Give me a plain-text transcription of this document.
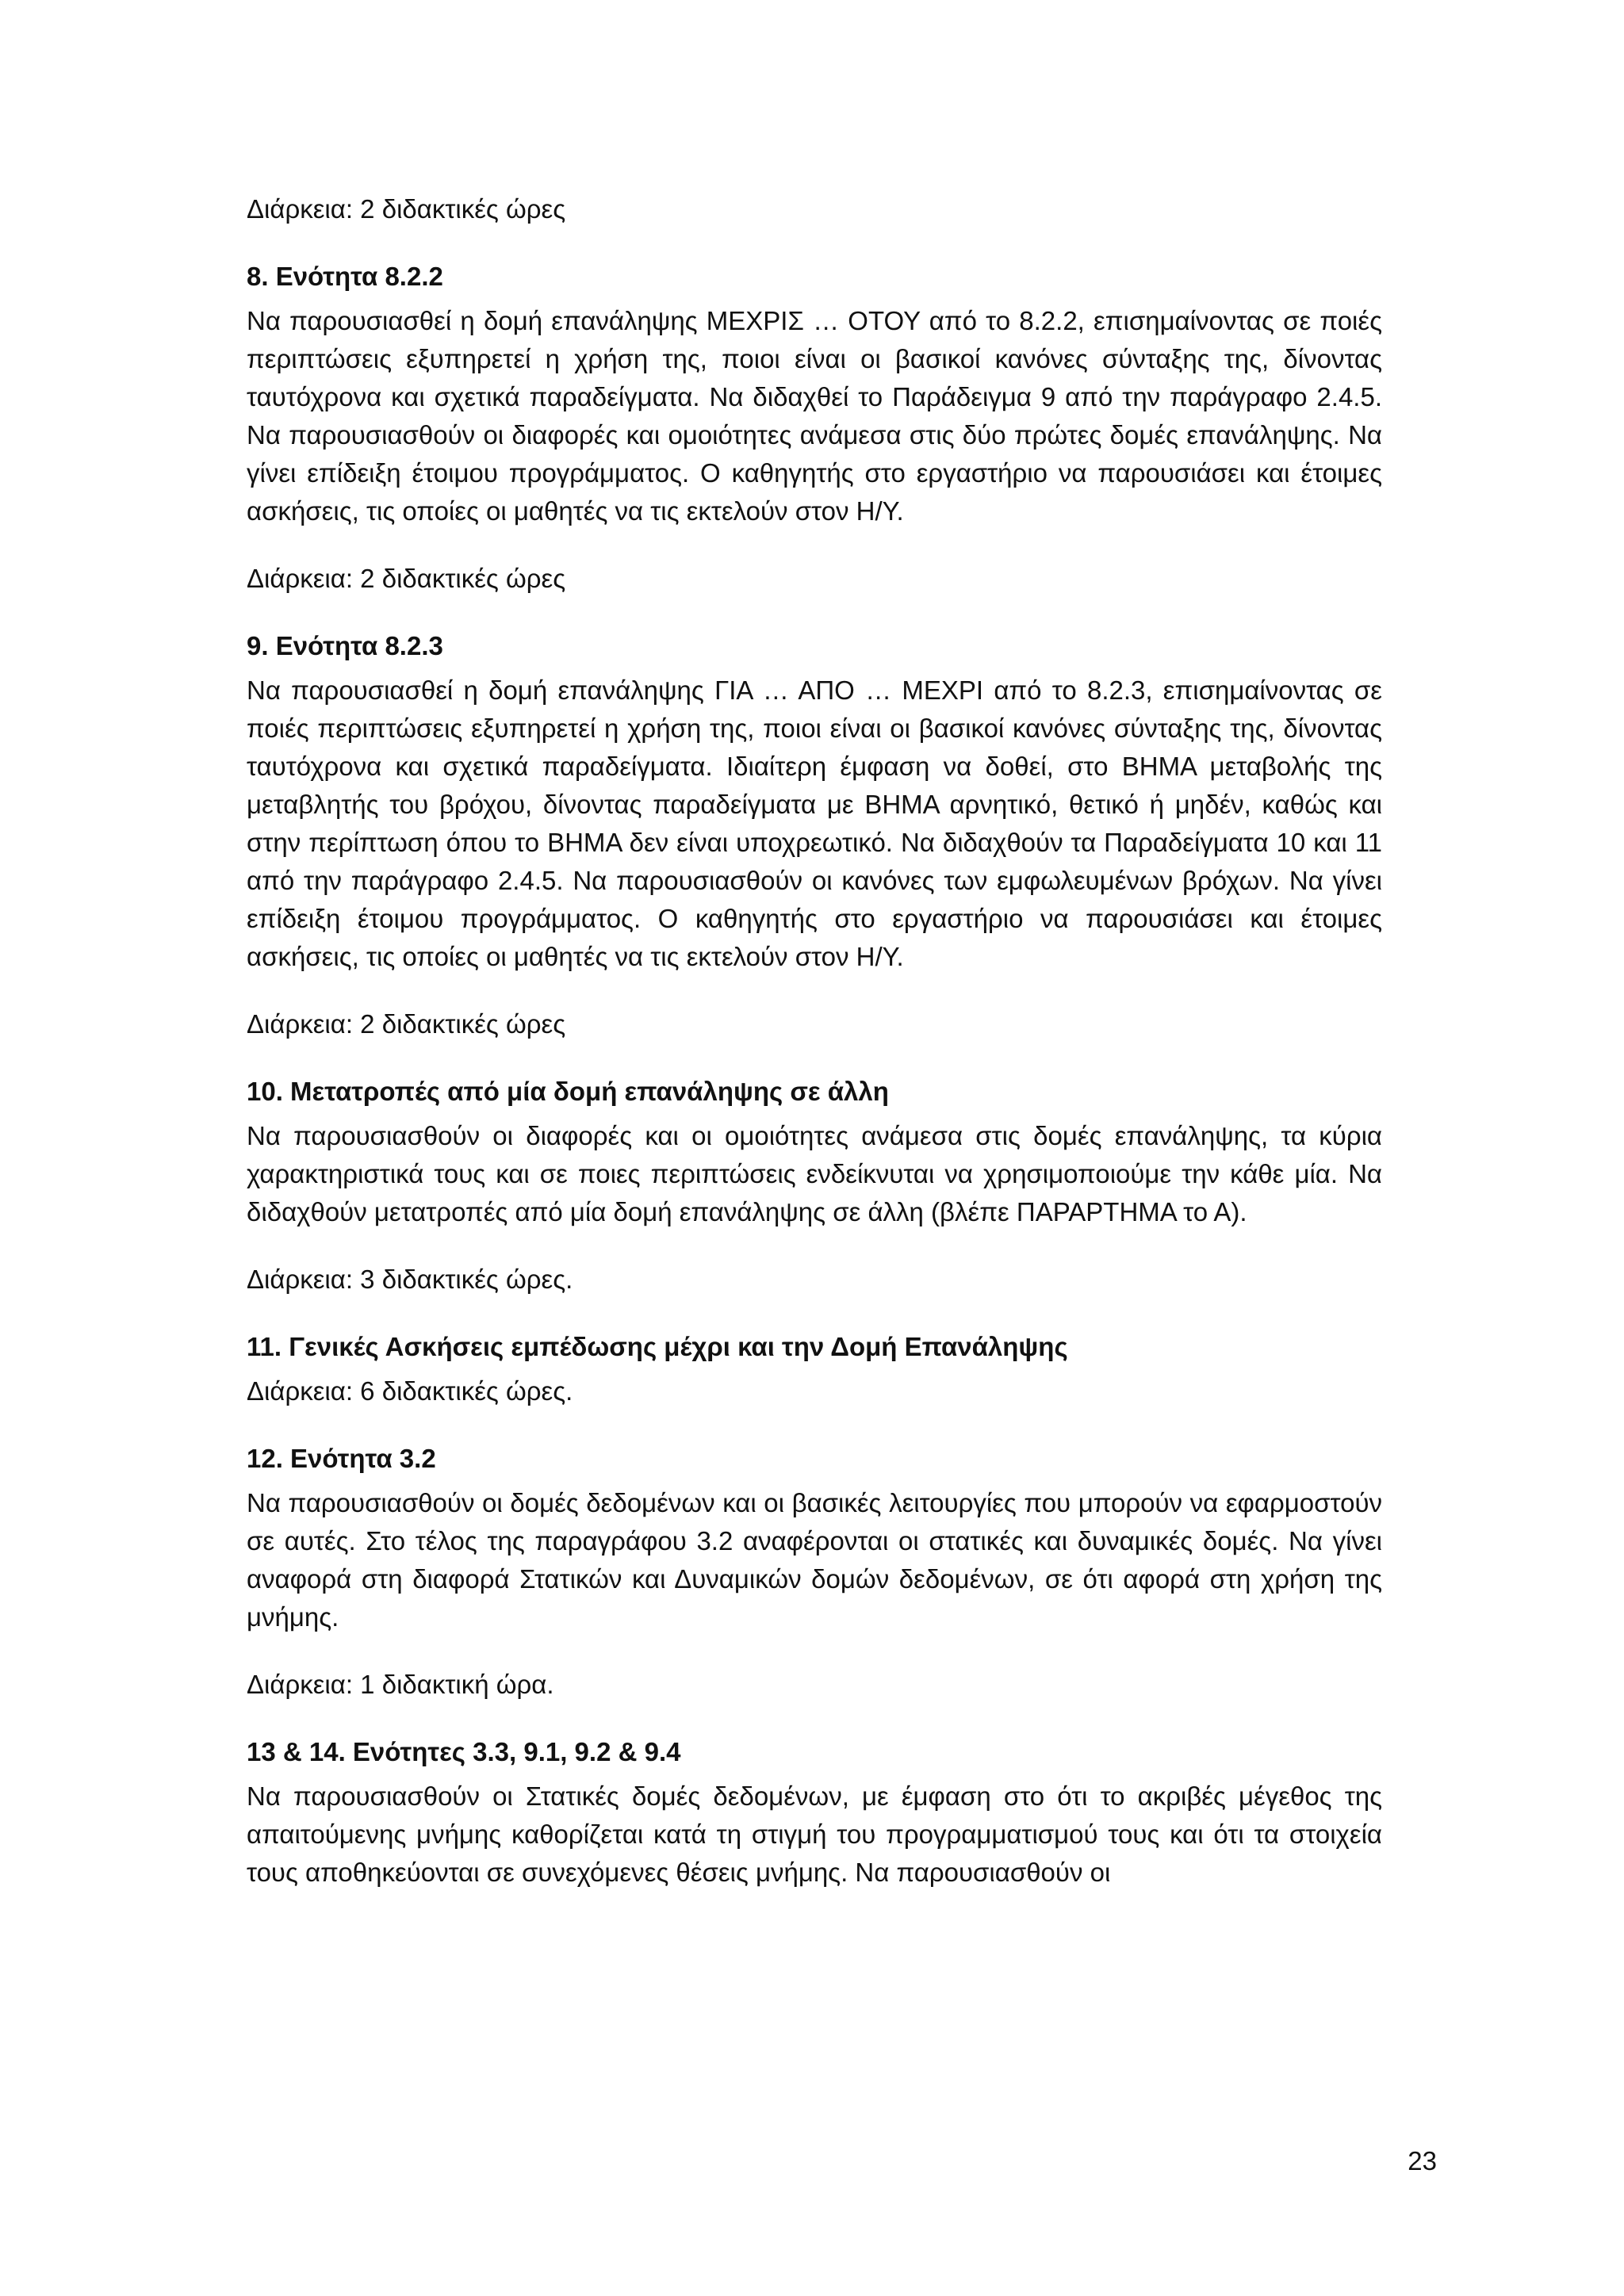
Διάρκεια: 2 διδακτικές ώρες

8. Ενότητα 8.2.2

Να παρουσιασθεί η δομή επανάληψης ΜΕΧΡΙΣ … ΟΤΟΥ από το 8.2.2, επισημαίνοντας σε ποιές περιπτώσεις εξυπηρετεί η χρήση της, ποιοι είναι οι βασικοί κανόνες σύνταξης της, δίνοντας ταυτόχρονα και σχετικά παραδείγματα. Να διδαχθεί το Παράδειγμα 9 από την παράγραφο 2.4.5. Να παρουσιασθούν οι διαφορές και ομοιότητες ανάμεσα στις δύο πρώτες δομές επανάληψης. Να γίνει επίδειξη έτοιμου προγράμματος. Ο καθηγητής στο εργαστήριο να παρουσιάσει και έτοιμες ασκήσεις, τις οποίες οι μαθητές να τις εκτελούν στον Η/Υ.

Διάρκεια: 2 διδακτικές ώρες

9. Ενότητα 8.2.3

Να παρουσιασθεί η δομή επανάληψης ΓΙΑ … ΑΠΟ … ΜΕΧΡΙ από το 8.2.3, επισημαίνοντας σε ποιές περιπτώσεις εξυπηρετεί η χρήση της, ποιοι είναι οι βασικοί κανόνες σύνταξης της, δίνοντας ταυτόχρονα και σχετικά παραδείγματα. Ιδιαίτερη έμφαση να δοθεί, στο ΒΗΜΑ μεταβολής της μεταβλητής του βρόχου, δίνοντας παραδείγματα με ΒΗΜΑ αρνητικό, θετικό ή μηδέν, καθώς και στην περίπτωση όπου το ΒΗΜΑ δεν είναι υποχρεωτικό. Να διδαχθούν τα Παραδείγματα 10 και 11 από την παράγραφο 2.4.5. Να παρουσιασθούν οι κανόνες των εμφωλευμένων βρόχων. Να γίνει επίδειξη έτοιμου προγράμματος. Ο καθηγητής στο εργαστήριο να παρουσιάσει και έτοιμες ασκήσεις, τις οποίες οι μαθητές να τις εκτελούν στον Η/Υ.

Διάρκεια: 2 διδακτικές ώρες

10. Μετατροπές από μία δομή επανάληψης σε άλλη

Να παρουσιασθούν οι διαφορές και οι ομοιότητες ανάμεσα στις δομές επανάληψης, τα κύρια χαρακτηριστικά τους και σε ποιες περιπτώσεις ενδείκνυται να χρησιμοποιούμε την κάθε μία. Να διδαχθούν μετατροπές από μία δομή επανάληψης σε άλλη (βλέπε ΠΑΡΑΡΤΗΜΑ το Α).

Διάρκεια: 3 διδακτικές ώρες.

11. Γενικές Ασκήσεις εμπέδωσης μέχρι και την Δομή Επανάληψης

Διάρκεια: 6 διδακτικές ώρες.

12. Ενότητα 3.2

Να παρουσιασθούν οι δομές δεδομένων και οι βασικές λειτουργίες που μπορούν να εφαρμοστούν σε αυτές. Στο τέλος της παραγράφου 3.2 αναφέρονται οι στατικές και δυναμικές δομές. Να γίνει αναφορά στη διαφορά Στατικών και Δυναμικών δομών δεδομένων, σε ότι αφορά στη χρήση της μνήμης.

Διάρκεια: 1 διδακτική ώρα.

13 & 14. Ενότητες 3.3, 9.1, 9.2 & 9.4

Να παρουσιασθούν οι Στατικές δομές δεδομένων, με έμφαση στο ότι το ακριβές μέγεθος της απαιτούμενης μνήμης καθορίζεται κατά τη στιγμή του προγραμματισμού τους και ότι τα στοιχεία τους αποθηκεύονται σε συνεχόμενες θέσεις μνήμης. Να παρουσιασθούν οι

23
